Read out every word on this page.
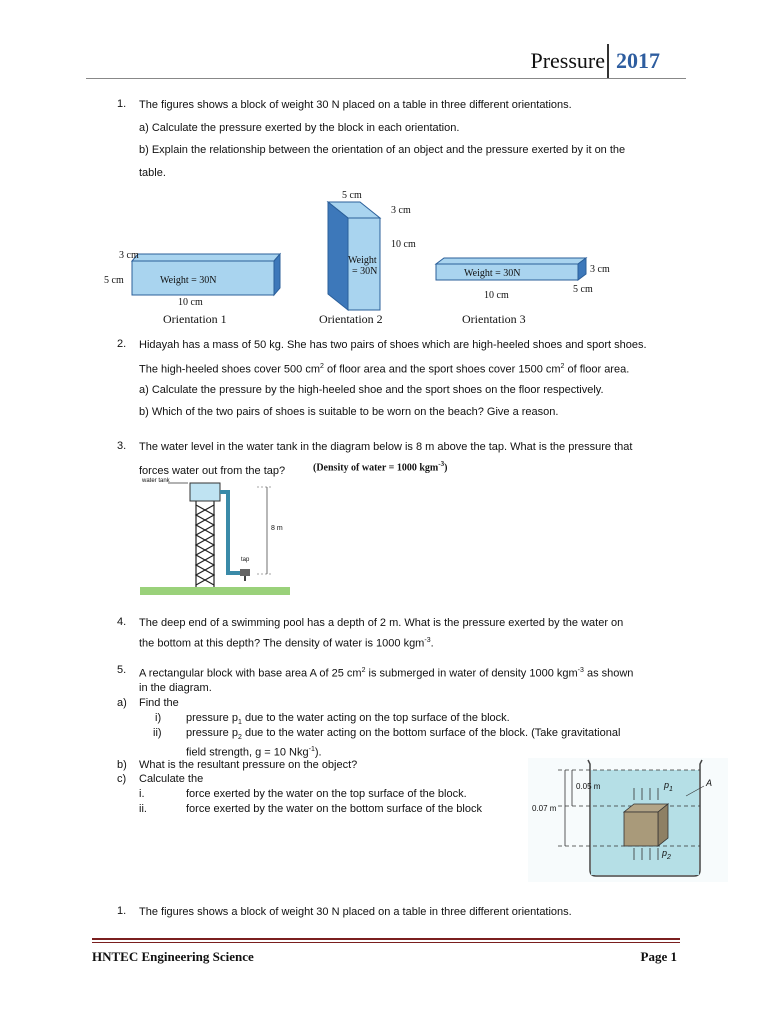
Pressure 2017
1. The figures shows a block of weight 30 N placed on a table in three different orientations.
a) Calculate the pressure exerted by the block in each orientation.
b) Explain the relationship between the orientation of an object and the pressure exerted by it on the
table.
3 cm
5 cm	Weight = 30N
10 cm
Orientation 1
5 cm
3 cm
10 cm
Weight
= 30N
Orientation 2
Weight = 30N	3 cm
5 cm
10 cm
Orientation 3
2. Hidayah has a mass of 50 kg. She has two pairs of shoes which are high-heeled shoes and sport shoes.
The high-heeled shoes cover 500 $cm^2$ of floor area and the sport shoes cover 1500 $cm^2$ of floor area.
a) Calculate the pressure by the high-heeled shoe and the sport shoes on the floor respectively.
b) Which of the two pairs of shoes is suitable to be worn on the beach? Give a reason.
3. The water level in the water tank in the diagram below is 8 m above the tap. What is the pressure that
forces water out from the tap?	(Density of water = 1000 kgm$^{-3}$)
water tank
8 m
tap
4. The deep end of a swimming pool has a depth of 2 m. What is the pressure exerted by the water on
the bottom at this depth? The density of water is 1000 kgm$^{-3}$.
5. A rectangular block with base area A of 25 $cm^2$ is submerged in water of density 1000 kgm$^{-3}$ as shown
in the diagram.
a) Find the
i) pressure $p_1$ due to the water acting on the top surface of the block.
ii) pressure $p_2$ due to the water acting on the bottom surface of the block. (Take gravitational
field strength, g = 10 Nkg$^{-1}$).
b) What is the resultant pressure on the object?
c) Calculate the
i.	force exerted by the water on the top surface of the block.
ii.	force exerted by the water on the bottom surface of the block
0.05 m
0.07 m
A
$p_1$
$p_2$
1. The figures shows a block of weight 30 N placed on a table in three different orientations.
HNTEC Engineering Science	Page 1
